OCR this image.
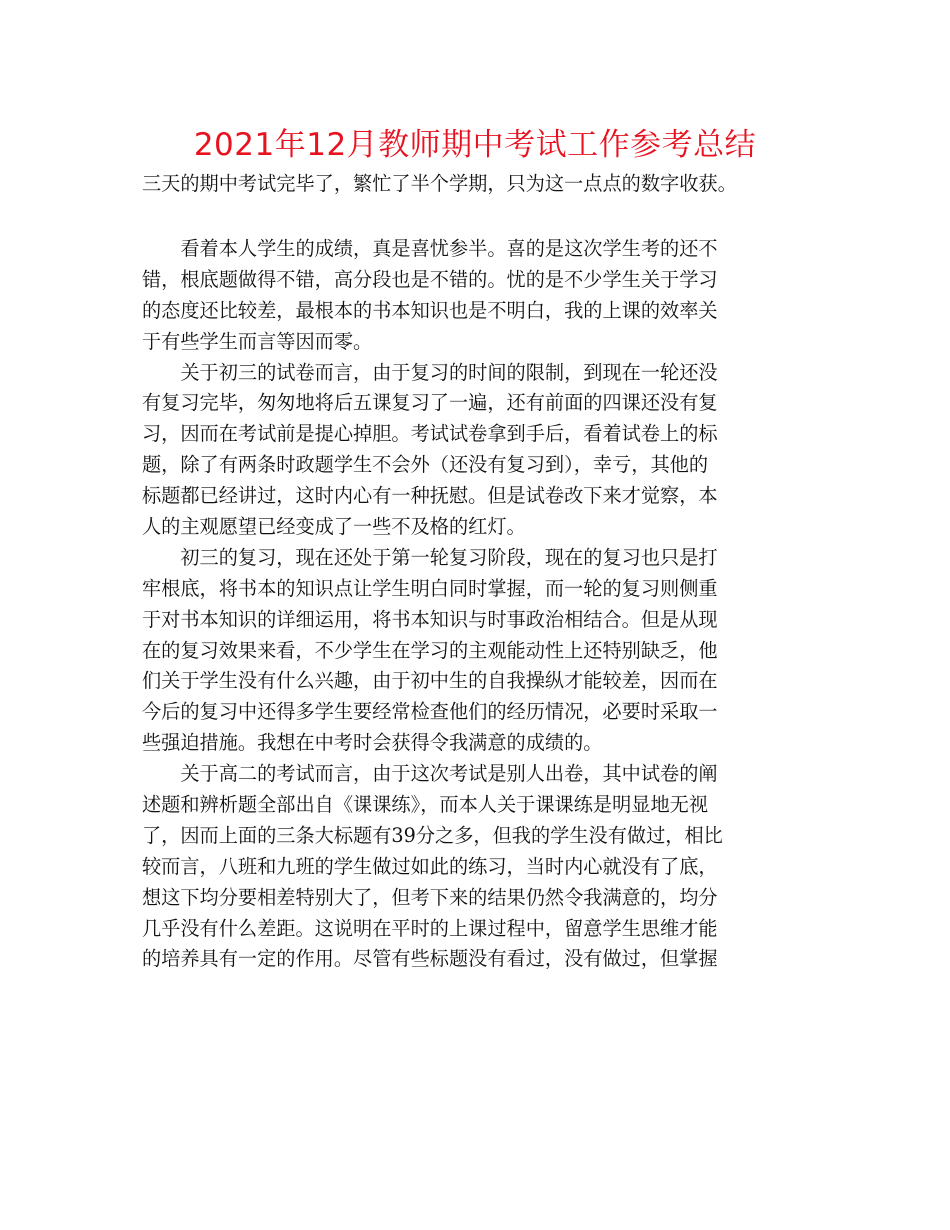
2021年12月教师期中考试工作参考总结
三天的期中考试完毕了，繁忙了半个学期，只为这一点点的数字收获。
　　看着本人学生的成绩，真是喜忧参半。喜的是这次学生考的还不
错，根底题做得不错，高分段也是不错的。忧的是不少学生关于学习
的态度还比较差，最根本的书本知识也是不明白，我的上课的效率关
于有些学生而言等因而零。
　　关于初三的试卷而言，由于复习的时间的限制，到现在一轮还没
有复习完毕，匆匆地将后五课复习了一遍，还有前面的四课还没有复
习，因而在考试前是提心掉胆。考试试卷拿到手后，看着试卷上的标
题，除了有两条时政题学生不会外（还没有复习到），幸亏，其他的
标题都已经讲过，这时内心有一种抚慰。但是试卷改下来才觉察，本
人的主观愿望已经变成了一些不及格的红灯。
　　初三的复习，现在还处于第一轮复习阶段，现在的复习也只是打
牢根底，将书本的知识点让学生明白同时掌握，而一轮的复习则侧重
于对书本知识的详细运用，将书本知识与时事政治相结合。但是从现
在的复习效果来看，不少学生在学习的主观能动性上还特别缺乏，他
们关于学生没有什么兴趣，由于初中生的自我操纵才能较差，因而在
今后的复习中还得多学生要经常检查他们的经历情况，必要时采取一
些强迫措施。我想在中考时会获得令我满意的成绩的。
　　关于高二的考试而言，由于这次考试是别人出卷，其中试卷的阐
述题和辨析题全部出自《课课练》，而本人关于课课练是明显地无视
了，因而上面的三条大标题有39分之多，但我的学生没有做过，相比
较而言，八班和九班的学生做过如此的练习，当时内心就没有了底，
想这下均分要相差特别大了，但考下来的结果仍然令我满意的，均分
几乎没有什么差距。这说明在平时的上课过程中，留意学生思维才能
的培养具有一定的作用。尽管有些标题没有看过，没有做过，但掌握
